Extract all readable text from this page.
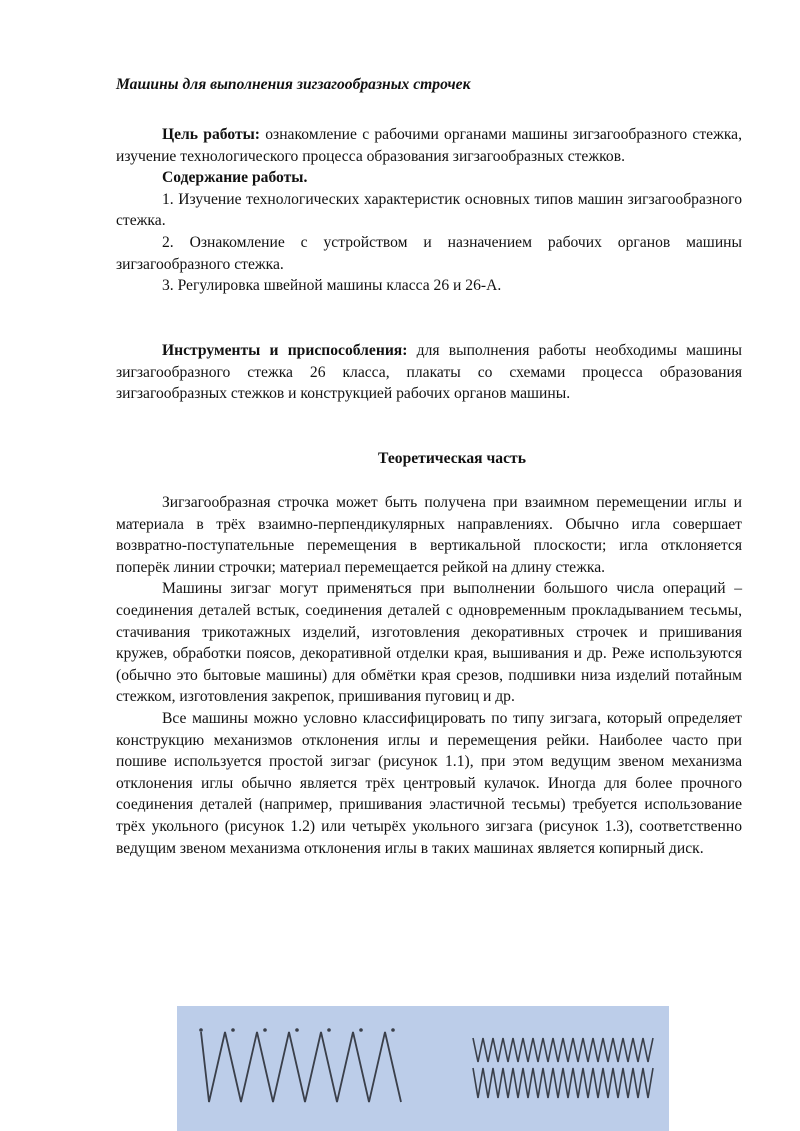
Машины для выполнения зигзагообразных строчек

Цель работы: ознакомление с рабочими органами машины зигзагообразного стежка, изучение технологического процесса образования зигзагообразных стежков.

Содержание работы.

1. Изучение технологических характеристик основных типов машин зигзагообразного стежка.

2. Ознакомление с устройством и назначением рабочих органов машины зигзагообразного стежка.

3. Регулировка швейной машины класса 26 и 26-А.

Инструменты и приспособления: для выполнения работы необходимы машины зигзагообразного стежка 26 класса, плакаты со схемами процесса образования зигзагообразных стежков и конструкцией рабочих органов машины.

Теоретическая часть

Зигзагообразная строчка может быть получена при взаимном перемещении иглы и материала в трёх взаимно-перпендикулярных направлениях. Обычно игла совершает возвратно-поступательные перемещения в вертикальной плоскости; игла отклоняется поперёк линии строчки; материал перемещается рейкой на длину стежка.

Машины зигзаг могут применяться при выполнении большого числа операций – соединения деталей встык, соединения деталей с одновременным прокладыванием тесьмы, стачивания трикотажных изделий, изготовления декоративных строчек и пришивания кружев, обработки поясов, декоративной отделки края, вышивания и др. Реже используются (обычно это бытовые машины) для обмётки края срезов, подшивки низа изделий потайным стежком, изготовления закрепок, пришивания пуговиц и др.

Все машины можно условно классифицировать по типу зигзага, который определяет конструкцию механизмов отклонения иглы и перемещения рейки. Наиболее часто при пошиве используется простой зигзаг (рисунок 1.1), при этом ведущим звеном механизма отклонения иглы обычно является трёх центровый кулачок. Иногда для более прочного соединения деталей (например, пришивания эластичной тесьмы) требуется использование трёх укольного (рисунок 1.2) или четырёх укольного зигзага (рисунок 1.3), соответственно ведущим звеном механизма отклонения иглы в таких машинах является копирный диск.
